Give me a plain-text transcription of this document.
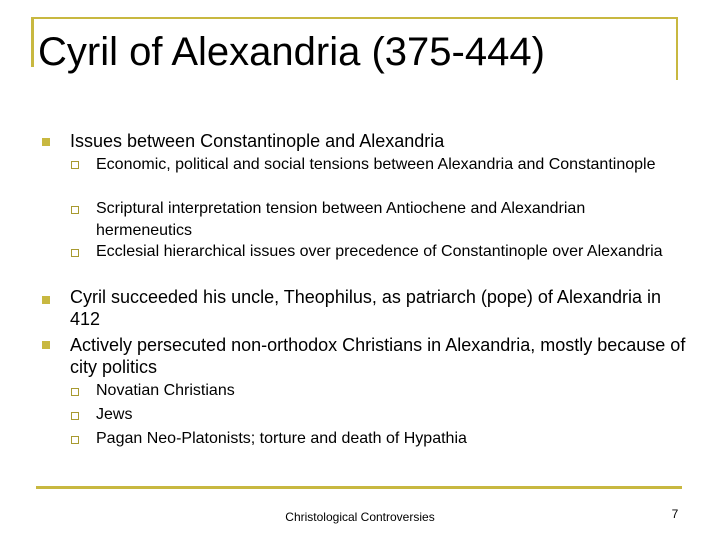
Cyril of Alexandria (375-444)
Issues between Constantinople and Alexandria
Economic, political and social tensions between Alexandria and Constantinople
Scriptural interpretation tension between Antiochene and Alexandrian hermeneutics
Ecclesial hierarchical issues over precedence of Constantinople over Alexandria
Cyril succeeded his uncle, Theophilus, as patriarch (pope) of Alexandria in 412
Actively persecuted non-orthodox Christians in Alexandria, mostly because of city politics
Novatian Christians
Jews
Pagan Neo-Platonists; torture and death of Hypathia
Christological Controversies	7
